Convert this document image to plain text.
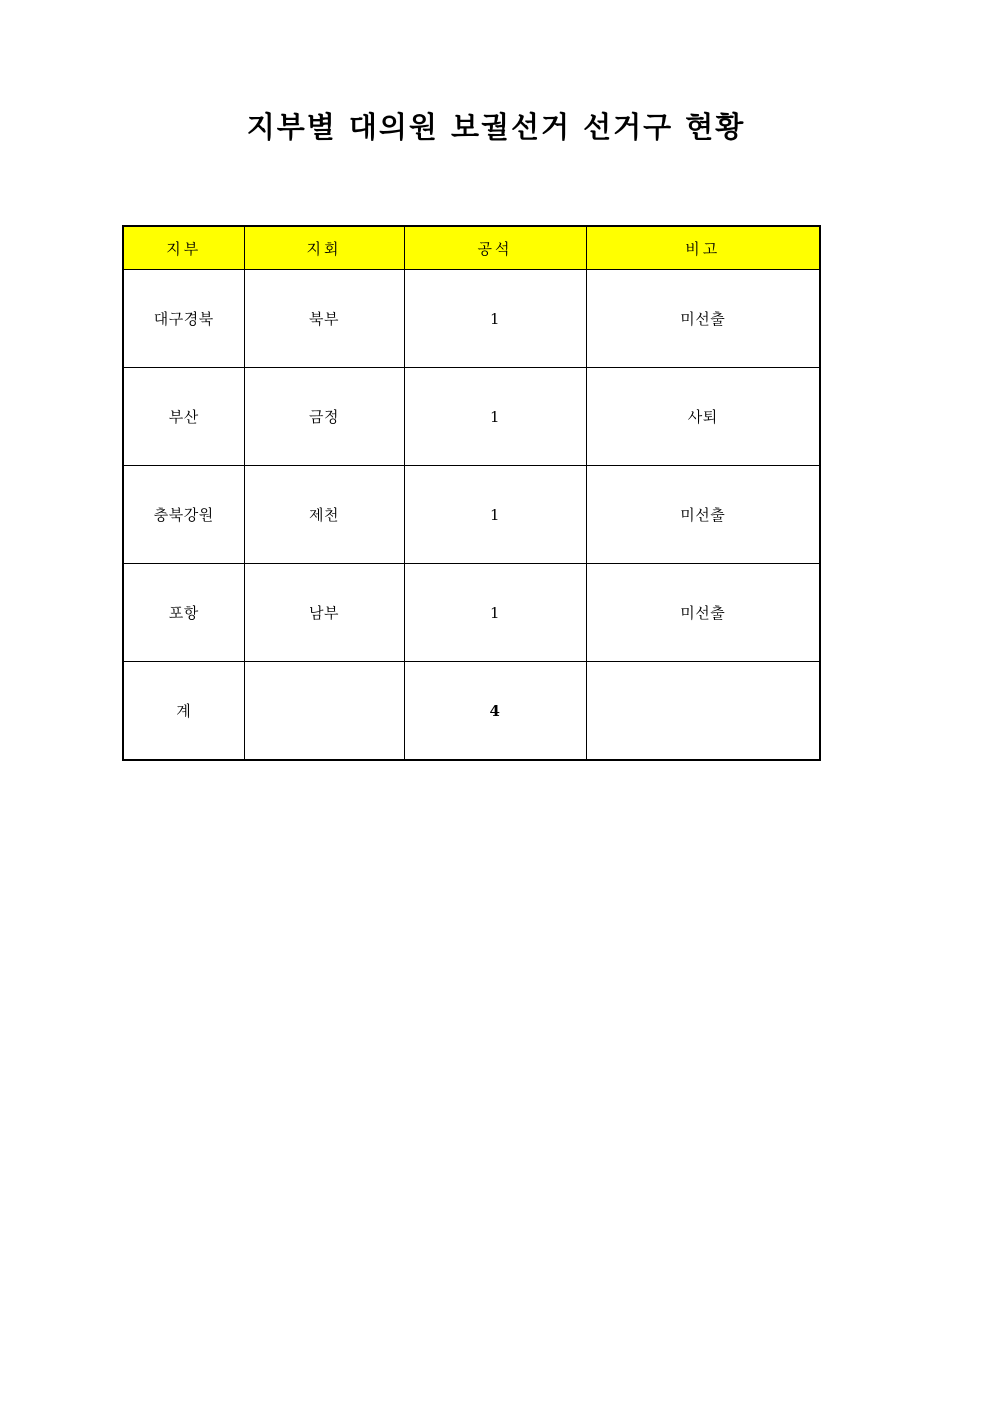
지부별 대의원 보궐선거 선거구 현황
지부	지회	공석	비고
대구경북	북부	1	미선출
부산	금정	1	사퇴
충북강원	제천	1	미선출
포항	남부	1	미선출
계		4	
